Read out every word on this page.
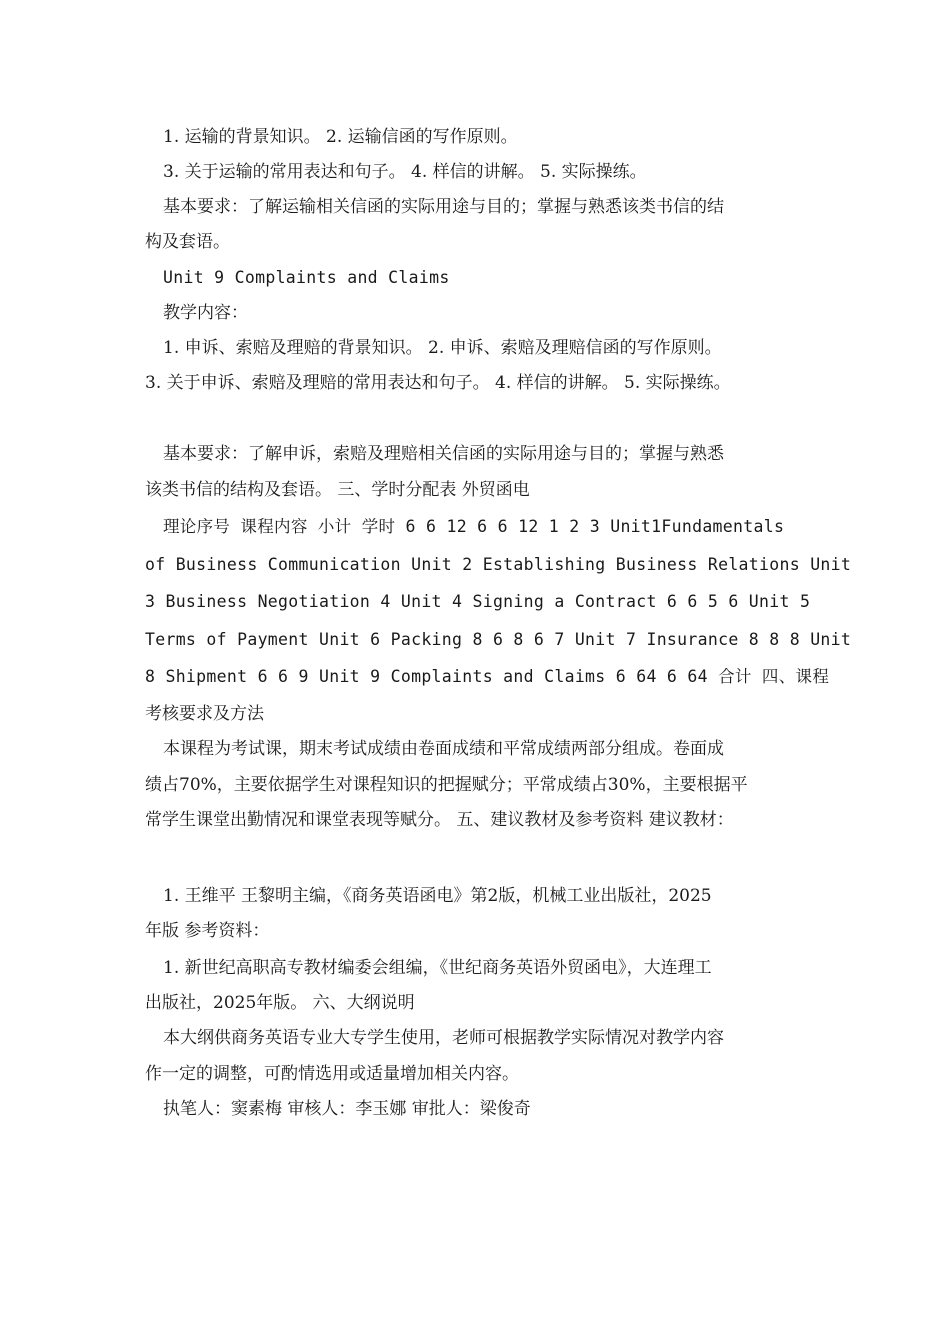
1. 运输的背景知识。 2. 运输信函的写作原则。
3. 关于运输的常用表达和句子。 4. 样信的讲解。 5. 实际操练。
基本要求：了解运输相关信函的实际用途与目的；掌握与熟悉该类书信的结
构及套语。
Unit 9 Complaints and Claims
教学内容：
1. 申诉、索赔及理赔的背景知识。 2. 申诉、索赔及理赔信函的写作原则。
3. 关于申诉、索赔及理赔的常用表达和句子。 4. 样信的讲解。 5. 实际操练。
基本要求：了解申诉，索赔及理赔相关信函的实际用途与目的；掌握与熟悉
该类书信的结构及套语。 三、学时分配表 外贸函电
理论序号 课程内容 小计 学时 6 6 12 6 6 12 1 2 3 Unit1Fundamentals
of Business Communication Unit 2 Establishing Business Relations Unit
3 Business Negotiation 4 Unit 4 Signing a Contract 6 6 5 6 Unit 5
Terms of Payment Unit 6 Packing 8 6 8 6 7 Unit 7 Insurance 8 8 8 Unit
8 Shipment 6 6 9 Unit 9 Complaints and Claims 6 64 6 64 合计 四、课程
考核要求及方法
本课程为考试课，期末考试成绩由卷面成绩和平常成绩两部分组成。卷面成
绩占70%，主要依据学生对课程知识的把握赋分；平常成绩占30%，主要根据平
常学生课堂出勤情况和课堂表现等赋分。 五、建议教材及参考资料 建议教材：
1. 王维平 王黎明主编，《商务英语函电》第2版，机械工业出版社，2025
年版 参考资料：
1. 新世纪高职高专教材编委会组编，《世纪商务英语外贸函电》，大连理工
出版社，2025年版。 六、大纲说明
本大纲供商务英语专业大专学生使用，老师可根据教学实际情况对教学内容
作一定的调整，可酌情选用或适量增加相关内容。
执笔人：窦素梅 审核人：李玉娜 审批人：梁俊奇
